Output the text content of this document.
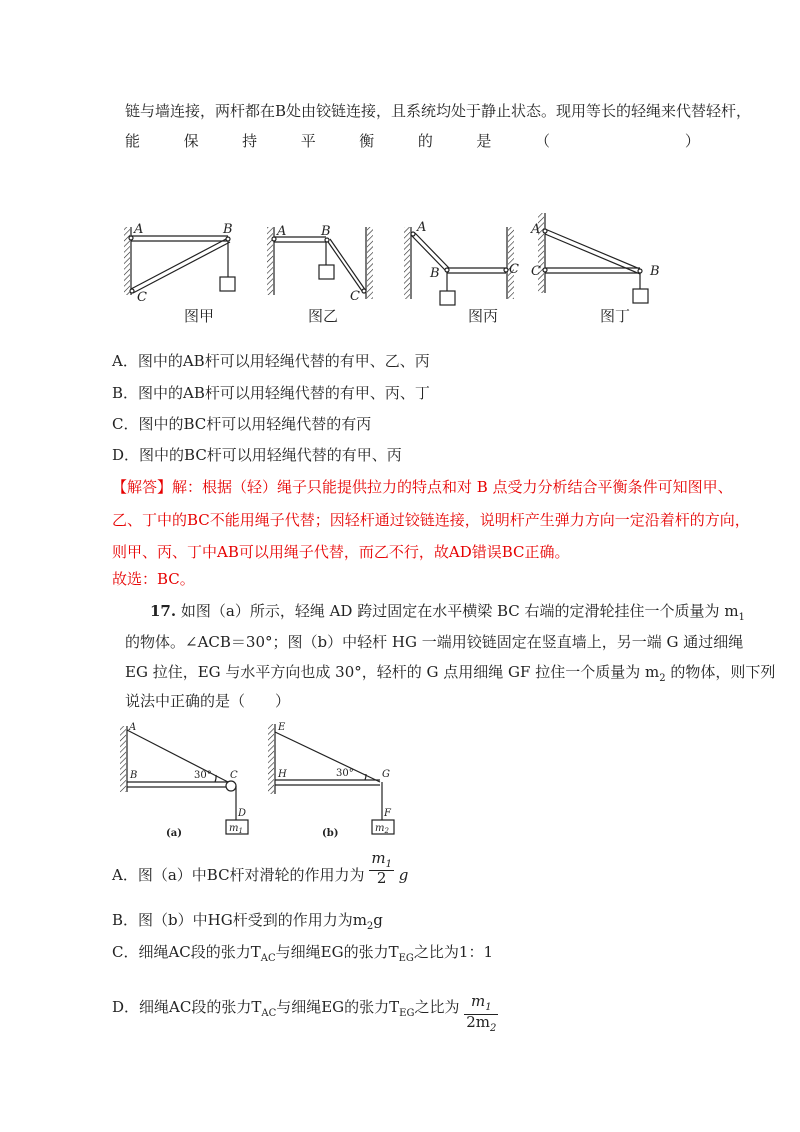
链与墙连接，两杆都在B处由铰链连接，且系统均处于静止状态。现用等长的轻绳来代替轻杆，
能	保	持	平	衡	的	是	（	）
A	B
C
A	B
C
A
B	C
A
C	B
图甲	图乙	图丙	图丁
A．图中的AB杆可以用轻绳代替的有甲、乙、丙
B．图中的AB杆可以用轻绳代替的有甲、丙、丁
C．图中的BC杆可以用轻绳代替的有丙
D．图中的BC杆可以用轻绳代替的有甲、丙
【解答】解：根据（轻）绳子只能提供拉力的特点和对 B 点受力分析结合平衡条件可知图甲、
乙、丁中的BC不能用绳子代替；因轻杆通过铰链连接，说明杆产生弹力方向一定沿着杆的方向，
则甲、丙、丁中AB可以用绳子代替，而乙不行，故AD错误BC正确。
故选：BC。
17. 如图（a）所示，轻绳 AD 跨过固定在水平横梁 BC 右端的定滑轮挂住一个质量为 $m_1$
的物体。∠ACB＝30°；图（b）中轻杆 HG 一端用铰链固定在竖直墙上，另一端 G 通过细绳
EG 拉住，EG 与水平方向也成 30°，轻杆的 G 点用细绳 GF 拉住一个质量为 $m_2$ 的物体，则下列
说法中正确的是（　　）
A
B	C
D
30°
$m_1$
(a)
E
H	G
F
30°
$m_2$
(b)
A．图（a）中BC杆对滑轮的作用力为 $\frac{m_1}{2}$ g
B．图（b）中HG杆受到的作用力为$m_2g$
C．细绳AC段的张力$T_{AC}$与细绳EG的张力$T_{EG}$之比为1：1
D．细绳AC段的张力$T_{AC}$与细绳EG的张力$T_{EG}$之比为 $\frac{m_1}{2m_2}$
